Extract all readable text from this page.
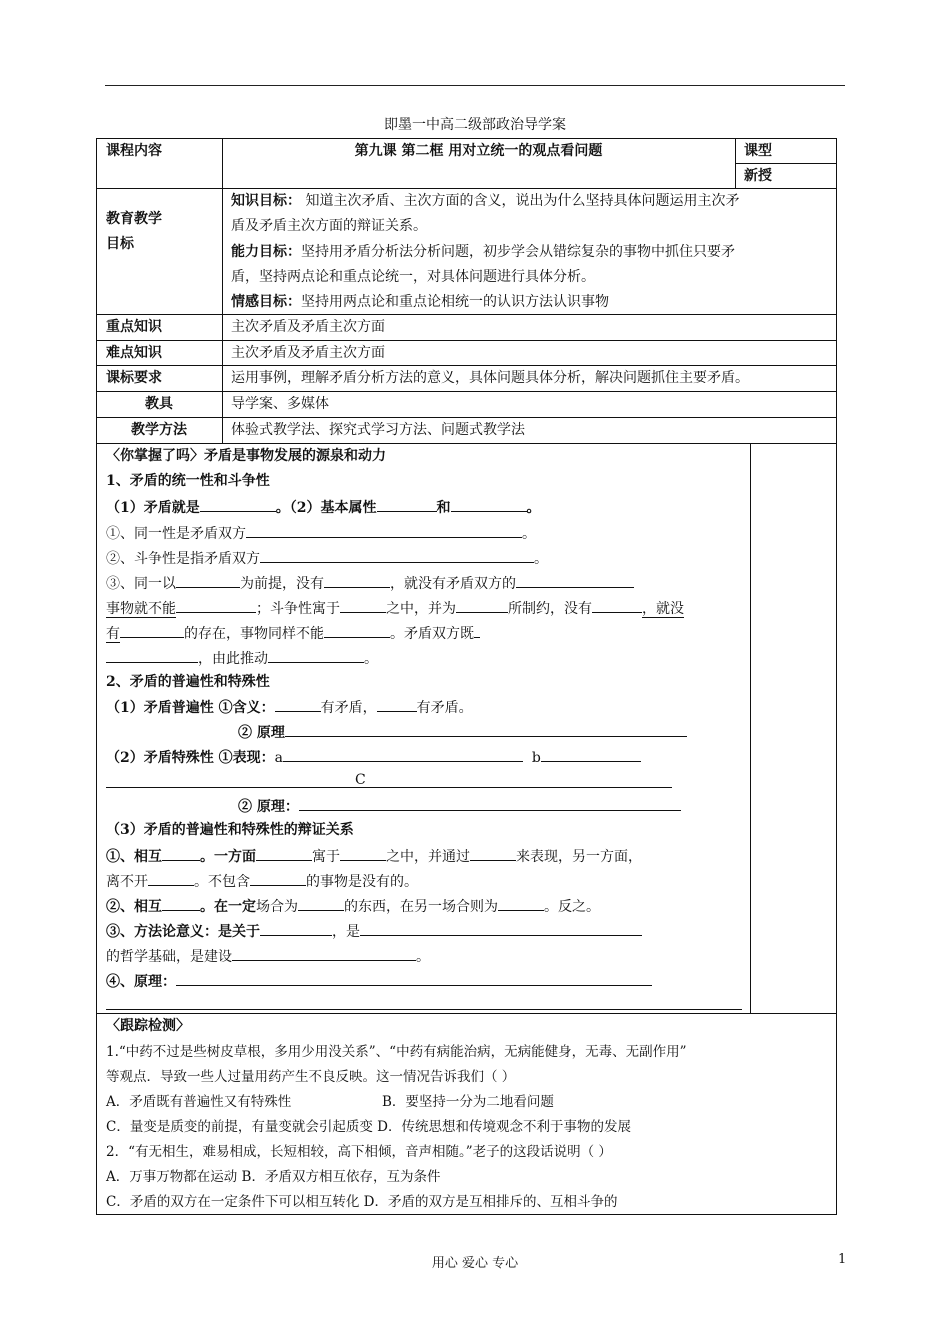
即墨一中高二级部政治导学案
课程内容	第九课 第二框 用对立统一的观点看问题	课型
新授
教育教学
目标
知识目标： 知道主次矛盾、主次方面的含义，说出为什么坚持具体问题运用主次矛
盾及矛盾主次方面的辩证关系。
能力目标：坚持用矛盾分析法分析问题，初步学会从错综复杂的事物中抓住只要矛
盾，坚持两点论和重点论统一，对具体问题进行具体分析。
情感目标：坚持用两点论和重点论相统一的认识方法认识事物
重点知识	主次矛盾及矛盾主次方面
难点知识	主次矛盾及矛盾主次方面
课标要求	运用事例，理解矛盾分析方法的意义，具体问题具体分析，解决问题抓住主要矛盾。
教具	导学案、多媒体
教学方法	体验式教学法、探究式学习方法、问题式教学法
〈你掌握了吗〉矛盾是事物发展的源泉和动力
1、矛盾的统一性和斗争性
（1）矛盾就是	。（2）基本属性	和	。
①、同一性是矛盾双方	。
②、斗争性是指矛盾双方	。
③、同一以	为前提，没有	，就没有矛盾双方的
事物就不能	；斗争性寓于	之中，并为	所制约，没有	，就没
有	的存在，事物同样不能	。矛盾双方既
，由此推动	。
2、矛盾的普遍性和特殊性
（1）矛盾普遍性 ①含义：	有矛盾，	有矛盾。
② 原理
（2）矛盾特殊性 ①表现：a	b
C
② 原理：
（3）矛盾的普遍性和特殊性的辩证关系
①、相互	。一方面	寓于	之中，并通过	来表现，另一方面，
离不开	。不包含	的事物是没有的。
②、相互	。在一定场合为	的东西，在另一场合则为	。反之。
③、方法论意义：是关于	，是
的哲学基础，是建设	。
④、原理：
〈跟踪检测〉
1.“中药不过是些树皮草根，多用少用没关系”、“中药有病能治病，无病能健身，无毒、无副作用”
等观点．导致一些人过量用药产生不良反映。这一情况告诉我们（ ）
A．矛盾既有普遍性又有特殊性	B．要坚持一分为二地看问题
C．量变是质变的前提，有量变就会引起质变 D．传统思想和传境观念不利于事物的发展
2．“有无相生，难易相成，长短相较，高下相倾，音声相随。”老子的这段话说明（ ）
A．万事万物都在运动 B．矛盾双方相互依存，互为条件
C．矛盾的双方在一定条件下可以相互转化 D．矛盾的双方是互相排斥的、互相斗争的
用心 爱心 专心	1
